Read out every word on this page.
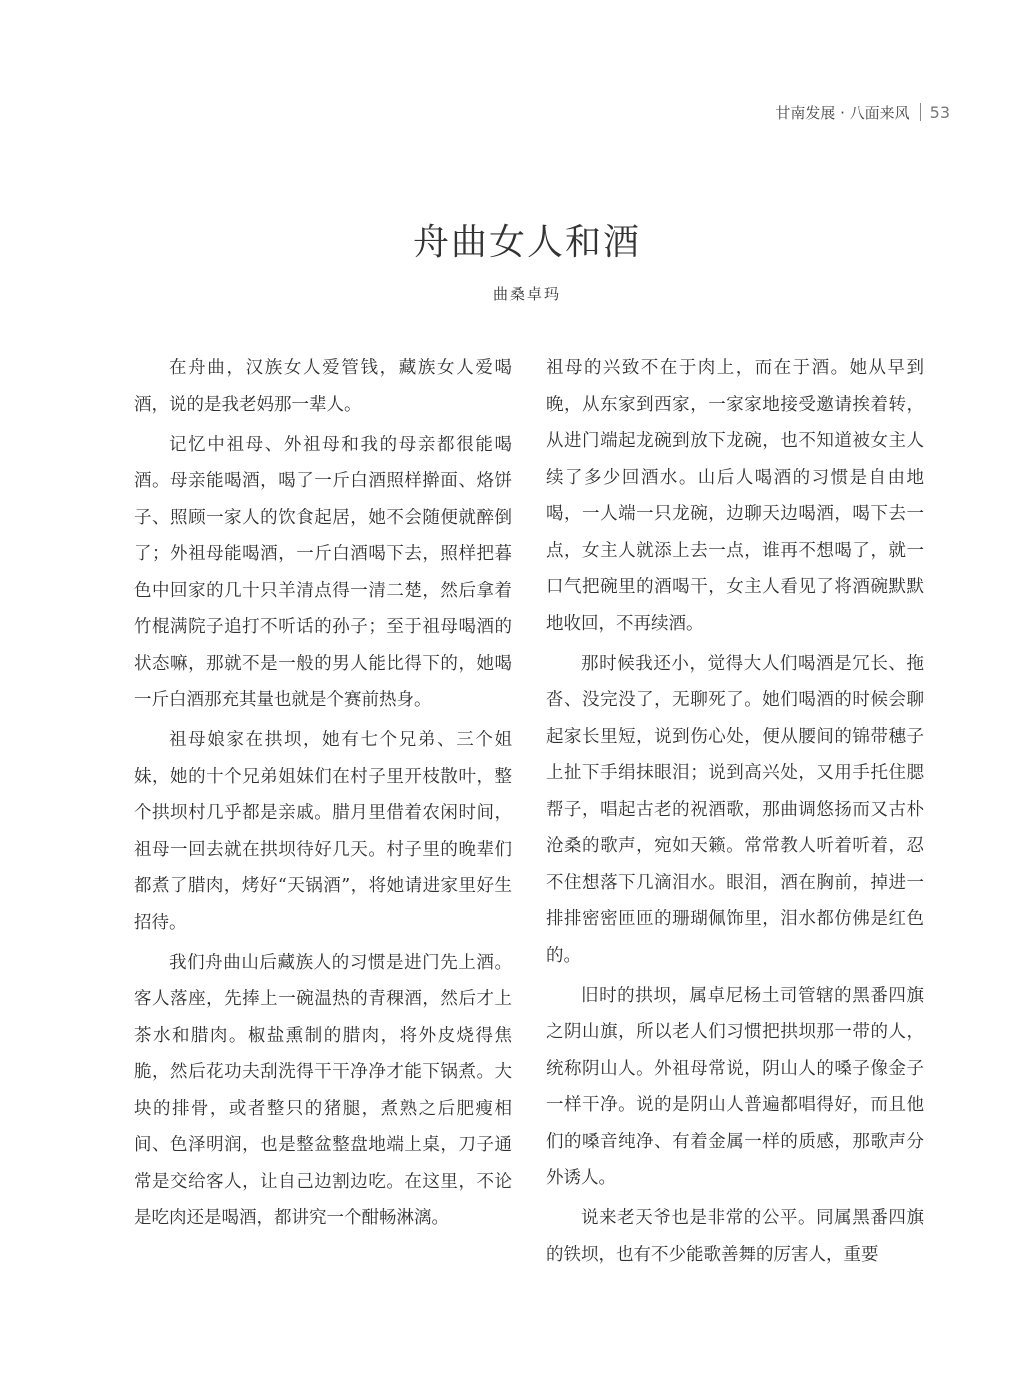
甘南发展 · 八面来风 53
舟曲女人和酒
曲桑卓玛

在舟曲，汉族女人爱管钱，藏族女人爱喝酒，说的是我老妈那一辈人。

记忆中祖母、外祖母和我的母亲都很能喝酒。母亲能喝酒，喝了一斤白酒照样擀面、烙饼子、照顾一家人的饮食起居，她不会随便就醉倒了；外祖母能喝酒，一斤白酒喝下去，照样把暮色中回家的几十只羊清点得一清二楚，然后拿着竹棍满院子追打不听话的孙子；至于祖母喝酒的状态嘛，那就不是一般的男人能比得下的，她喝一斤白酒那充其量也就是个赛前热身。

祖母娘家在拱坝，她有七个兄弟、三个姐妹，她的十个兄弟姐妹们在村子里开枝散叶，整个拱坝村几乎都是亲戚。腊月里借着农闲时间，祖母一回去就在拱坝待好几天。村子里的晚辈们都煮了腊肉，烤好“天锅酒”，将她请进家里好生招待。

我们舟曲山后藏族人的习惯是进门先上酒。客人落座，先捧上一碗温热的青稞酒，然后才上茶水和腊肉。椒盐熏制的腊肉，将外皮烧得焦脆，然后花功夫刮洗得干干净净才能下锅煮。大块的排骨，或者整只的猪腿，煮熟之后肥瘦相间、色泽明润，也是整盆整盘地端上桌，刀子通常是交给客人，让自己边割边吃。在这里，不论是吃肉还是喝酒，都讲究一个酣畅淋漓。

祖母的兴致不在于肉上，而在于酒。她从早到晚，从东家到西家，一家家地接受邀请挨着转，从进门端起龙碗到放下龙碗，也不知道被女主人续了多少回酒水。山后人喝酒的习惯是自由地喝，一人端一只龙碗，边聊天边喝酒，喝下去一点，女主人就添上去一点，谁再不想喝了，就一口气把碗里的酒喝干，女主人看见了将酒碗默默地收回，不再续酒。

那时候我还小，觉得大人们喝酒是冗长、拖沓、没完没了，无聊死了。她们喝酒的时候会聊起家长里短，说到伤心处，便从腰间的锦带穗子上扯下手绢抹眼泪；说到高兴处，又用手托住腮帮子，唱起古老的祝酒歌，那曲调悠扬而又古朴沧桑的歌声，宛如天籁。常常教人听着听着，忍不住想落下几滴泪水。眼泪，酒在胸前，掉进一排排密密匝匝的珊瑚佩饰里，泪水都仿佛是红色的。

旧时的拱坝，属卓尼杨土司管辖的黑番四旗之阴山旗，所以老人们习惯把拱坝那一带的人，统称阴山人。外祖母常说，阴山人的嗓子像金子一样干净。说的是阴山人普遍都唱得好，而且他们的嗓音纯净、有着金属一样的质感，那歌声分外诱人。

说来老天爷也是非常的公平。同属黑番四旗的铁坝，也有不少能歌善舞的厉害人，重要
